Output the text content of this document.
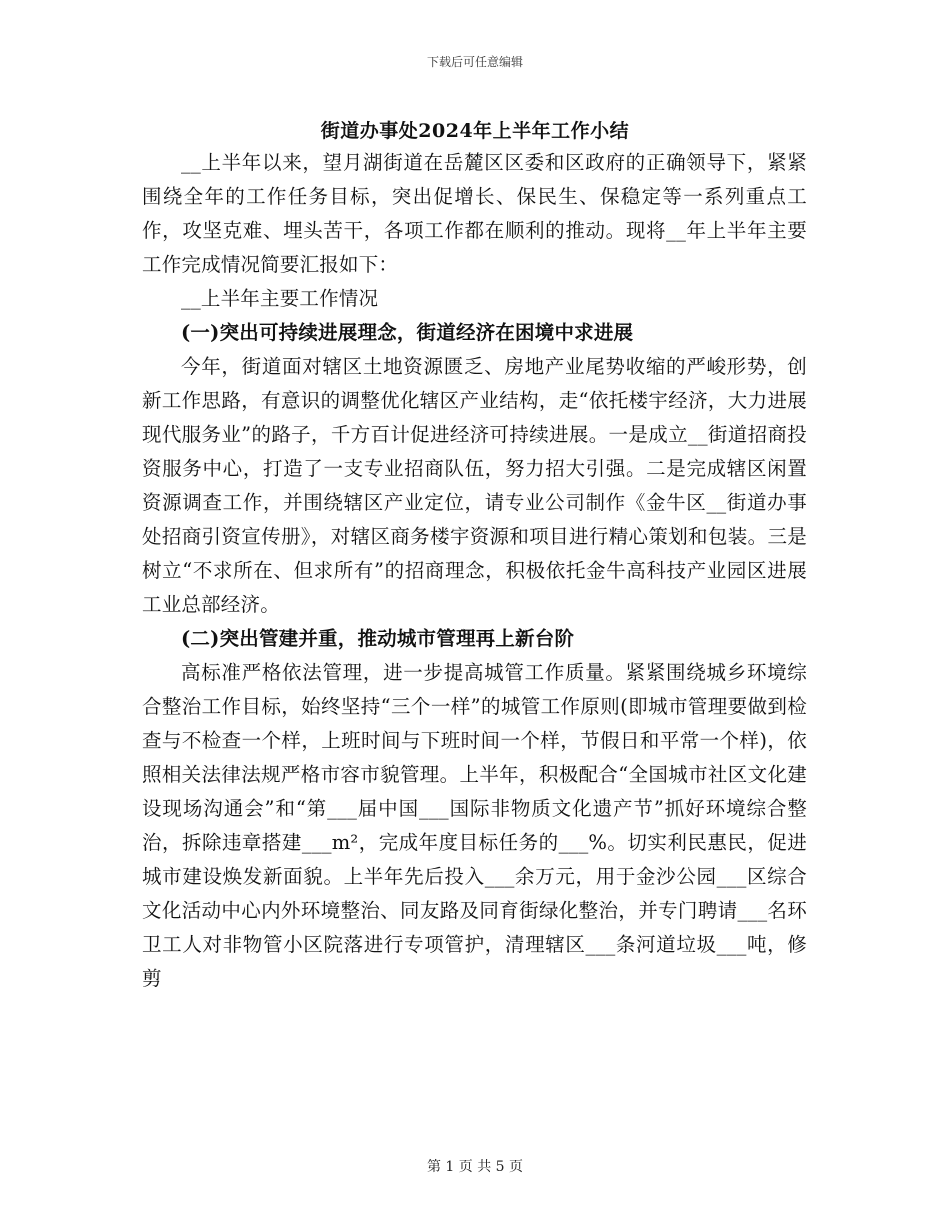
下载后可任意编辑
街道办事处2024年上半年工作小结

__上半年以来，望月湖街道在岳麓区区委和区政府的正确领导下，紧紧围绕全年的工作任务目标，突出促增长、保民生、保稳定等一系列重点工作，攻坚克难、埋头苦干，各项工作都在顺利的推动。现将__年上半年主要工作完成情况简要汇报如下：

__上半年主要工作情况

(一)突出可持续进展理念，街道经济在困境中求进展

今年，街道面对辖区土地资源匮乏、房地产业尾势收缩的严峻形势，创新工作思路，有意识的调整优化辖区产业结构，走“依托楼宇经济，大力进展现代服务业”的路子，千方百计促进经济可持续进展。一是成立__街道招商投资服务中心，打造了一支专业招商队伍，努力招大引强。二是完成辖区闲置资源调查工作，并围绕辖区产业定位，请专业公司制作《金牛区__街道办事处招商引资宣传册》，对辖区商务楼宇资源和项目进行精心策划和包装。三是树立“不求所在、但求所有”的招商理念，积极依托金牛高科技产业园区进展工业总部经济。

(二)突出管建并重，推动城市管理再上新台阶

高标准严格依法管理，进一步提高城管工作质量。紧紧围绕城乡环境综合整治工作目标，始终坚持“三个一样”的城管工作原则(即城市管理要做到检查与不检查一个样，上班时间与下班时间一个样，节假日和平常一个样)，依照相关法律法规严格市容市貌管理。上半年，积极配合“全国城市社区文化建设现场沟通会”和“第___届中国___国际非物质文化遗产节”抓好环境综合整治，拆除违章搭建___m²，完成年度目标任务的___%。切实利民惠民，促进城市建设焕发新面貌。上半年先后投入___余万元，用于金沙公园___区综合文化活动中心内外环境整治、同友路及同育街绿化整治，并专门聘请___名环卫工人对非物管小区院落进行专项管护，清理辖区___条河道垃圾___吨，修剪

第 1 页 共 5 页
